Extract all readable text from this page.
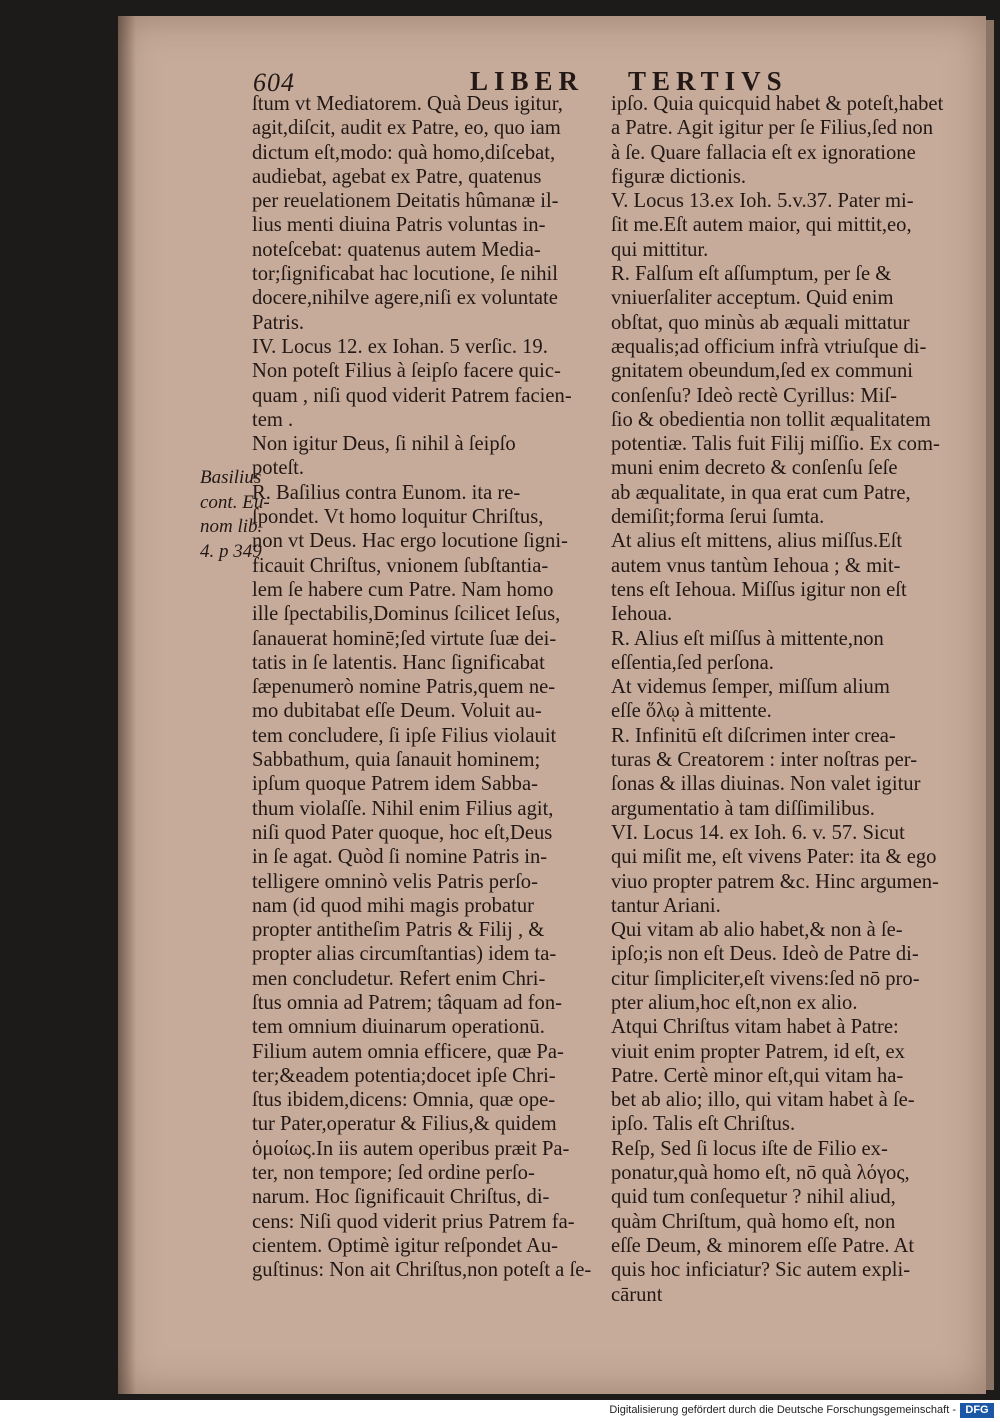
604	LIBER TERTIVS
Basilius
cont. Eu-
nom lib.
4. p 349
ſtum vt Mediatorem. Quà Deus igitur,
agit,diſcit, audit ex Patre, eo, quo iam
dictum eſt,modo: quà homo,diſcebat,
audiebat, agebat ex Patre, quatenus
per reuelationem Deitatis hûmanæ il-
lius menti diuina Patris voluntas in-
noteſcebat: quatenus autem Media-
tor;ſignificabat hac locutione, ſe nihil
docere,nihilve agere,niſi ex voluntate
Patris.
IV. Locus 12. ex Iohan. 5 verſic. 19.
Non poteſt Filius à ſeipſo facere quic-
quam , niſi quod viderit Patrem facien-
tem .
Non igitur Deus, ſi nihil à ſeipſo
poteſt.
R. Baſilius contra Eunom. ita re-
ſpondet. Vt homo loquitur Chriſtus,
non vt Deus. Hac ergo locutione ſigni-
ficauit Chriſtus, vnionem ſubſtantia-
lem ſe habere cum Patre. Nam homo
ille ſpectabilis,Dominus ſcilicet Ieſus,
ſanauerat hominē;ſed virtute ſuæ dei-
tatis in ſe latentis. Hanc ſignificabat
ſæpenumerò nomine Patris,quem ne-
mo dubitabat eſſe Deum. Voluit au-
tem concludere, ſi ipſe Filius violauit
Sabbathum, quia ſanauit hominem;
ipſum quoque Patrem idem Sabba-
thum violaſſe. Nihil enim Filius agit,
niſi quod Pater quoque, hoc eſt,Deus
in ſe agat. Quòd ſi nomine Patris in-
telligere omninò velis Patris perſo-
nam (id quod mihi magis probatur
propter antitheſim Patris & Filij , &
propter alias circumſtantias) idem ta-
men concludetur. Refert enim Chri-
ſtus omnia ad Patrem; tâquam ad fon-
tem omnium diuinarum operationū.
Filium autem omnia efficere, quæ Pa-
ter;&eadem potentia;docet ipſe Chri-
ſtus ibidem,dicens: Omnia, quæ ope-
tur Pater,operatur & Filius,& quidem
ὁμοίως.In iis autem operibus præit Pa-
ter, non tempore; ſed ordine perſo-
narum. Hoc ſignificauit Chriſtus, di-
cens: Niſi quod viderit prius Patrem fa-
cientem. Optimè igitur reſpondet Au-
guſtinus: Non ait Chriſtus,non poteſt a ſe-
ipſo. Quia quicquid habet & poteſt,habet
a Patre. Agit igitur per ſe Filius,ſed non
à ſe. Quare fallacia eſt ex ignoratione
figuræ dictionis.
V. Locus 13.ex Ioh. 5.v.37. Pater mi-
ſit me.Eſt autem maior, qui mittit,eo,
qui mittitur.
R. Falſum eſt aſſumptum, per ſe &
vniuerſaliter acceptum. Quid enim
obſtat, quo minùs ab æquali mittatur
æqualis;ad officium infrà vtriuſque di-
gnitatem obeundum,ſed ex communi
conſenſu? Ideò rectè Cyrillus: Miſ-
ſio & obedientia non tollit æqualitatem
potentiæ. Talis fuit Filij miſſio. Ex com-
muni enim decreto & conſenſu ſeſe
ab æqualitate, in qua erat cum Patre,
demiſit;forma ſerui ſumta.
At alius eſt mittens, alius miſſus.Eſt
autem vnus tantùm Iehoua ; & mit-
tens eſt Iehoua. Miſſus igitur non eſt
Iehoua.
R. Alius eſt miſſus à mittente,non
eſſentia,ſed perſona.
At videmus ſemper, miſſum alium
eſſe ὅλῳ à mittente.
R. Infinitū eſt diſcrimen inter crea-
turas & Creatorem : inter noſtras per-
ſonas & illas diuinas. Non valet igitur
argumentatio à tam diſſimilibus.
VI. Locus 14. ex Ioh. 6. v. 57. Sicut
qui miſit me, eſt vivens Pater: ita & ego
viuo propter patrem &c. Hinc argumen-
tantur Ariani.
Qui vitam ab alio habet,& non à ſe-
ipſo;is non eſt Deus. Ideò de Patre di-
citur ſimpliciter,eſt vivens:ſed nō pro-
pter alium,hoc eſt,non ex alio.
Atqui Chriſtus vitam habet à Patre:
viuit enim propter Patrem, id eſt, ex
Patre. Certè minor eſt,qui vitam ha-
bet ab alio; illo, qui vitam habet à ſe-
ipſo. Talis eſt Chriſtus.
Reſp, Sed ſi locus iſte de Filio ex-
ponatur,quà homo eſt, nō quà λόγος,
quid tum conſequetur ? nihil aliud,
quàm Chriſtum, quà homo eſt, non
eſſe Deum, & minorem eſſe Patre. At
quis hoc inficiatur? Sic autem expli-
cārunt
Digitalisierung gefördert durch die Deutsche Forschungsgemeinschaft - DFG
